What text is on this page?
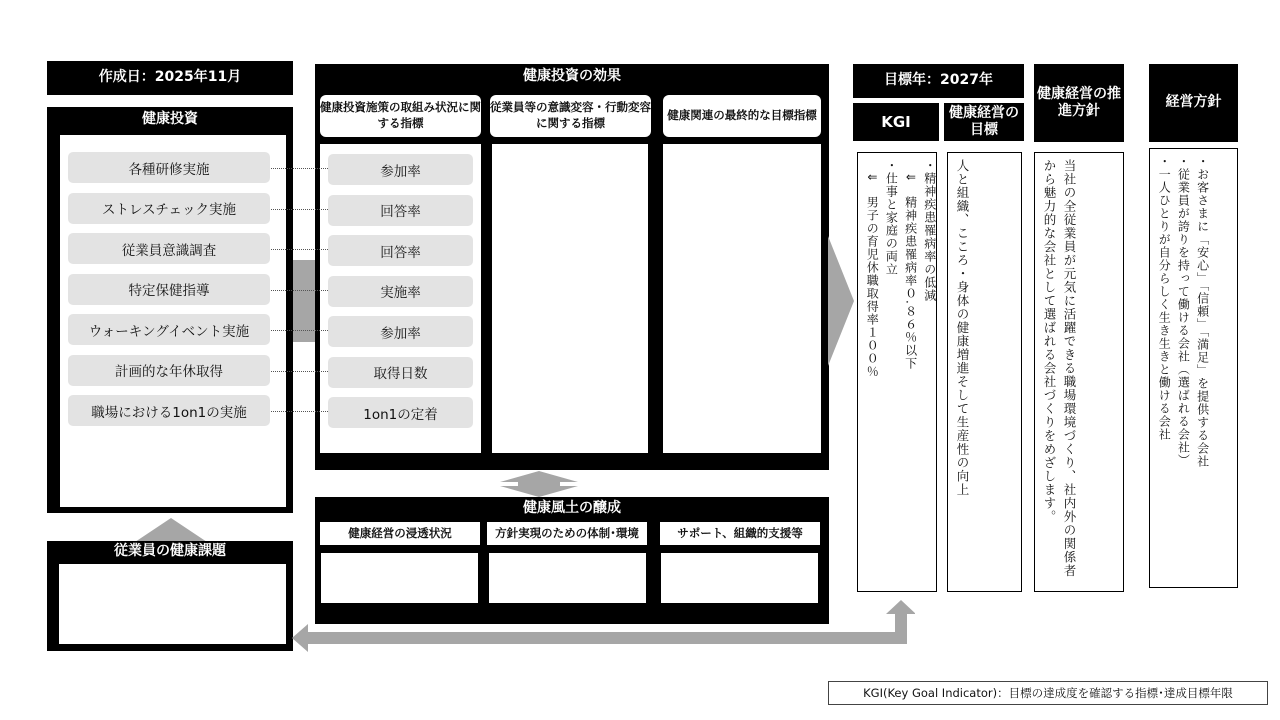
作成日：2025年11月
健康投資
各種研修実施
ストレスチェック実施
従業員意識調査
特定保健指導
ウォーキングイベント実施
計画的な年休取得
職場における1on1の実施
従業員の健康課題
高ストレス、運動習慣、睡眠質量
女性高齢者への健康への対応等
健康投資の効果
健康投資施策の取組み状況に関する指標
従業員等の意識変容・行動変容に関する指標
健康関連の最終的な目標指標

・健康セミナーや教育への参加の増加

・運動習慣のある従業員の増加

・年休取得率の増加

・精神的な健康のための1on１の着実な実施

・メンタル/フィジカル休職者の低減

・ワークエンゲージメントの向上（ポジティブで充実した心理状態にある従業員の増加）

参加率
回答率
回答率
実施率
参加率
取得日数
1on1の定着
健康風土の醸成
健康経営の浸透状況	方針実現のための体制･環境	サポート、組織的支援等
経営トップの発信	経営会議での議論
上司/同僚からのサポート
目標年：2027年
KGI
健康経営の目標
健康経営の推進方針
経営方針
・精神疾患罹病率の低減
　⇓　精神疾患罹病率０.８６％以下
・仕事と家庭の両立
　⇓　男子の育児休職取得率１００％	人と組織、こころ・身体の健康増進そして生産性の向上	当社の全従業員が元気に活躍できる職場環境づくり、社内外の関係者から魅力的な会社として選ばれる会社づくりをめざします。	・お客さまに「安心」「信頼」「満足」を提供する会社
・従業員が誇りを持って働ける会社（選ばれる会社）
・一人ひとりが自分らしく生き生きと働ける会社
KGI(Key Goal Indicator)：目標の達成度を確認する指標･達成目標年限
